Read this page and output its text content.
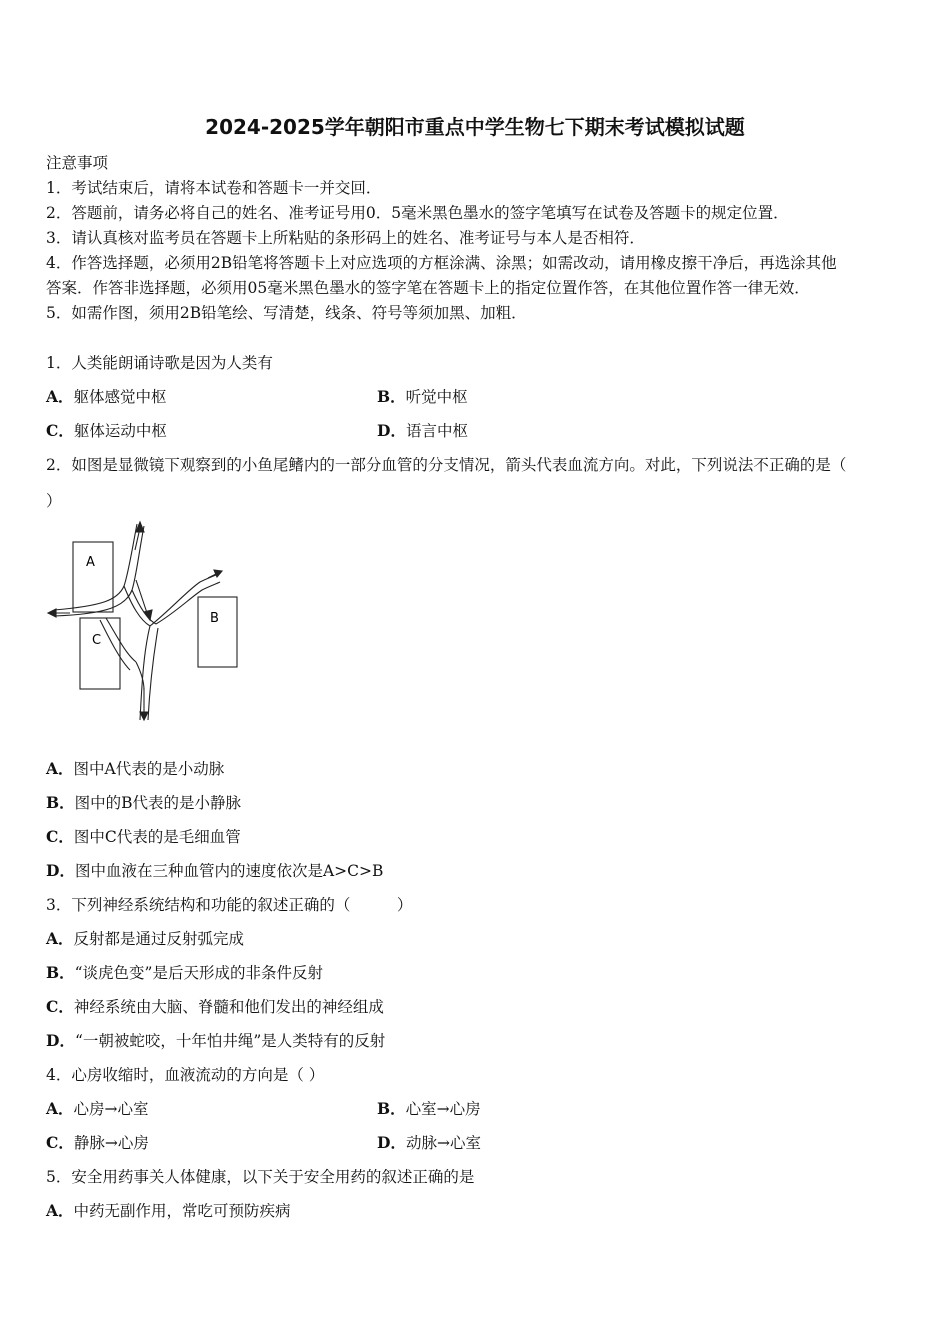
2024-2025学年朝阳市重点中学生物七下期末考试模拟试题
注意事项
1．考试结束后，请将本试卷和答题卡一并交回．
2．答题前，请务必将自己的姓名、准考证号用0．5毫米黑色墨水的签字笔填写在试卷及答题卡的规定位置．
3．请认真核对监考员在答题卡上所粘贴的条形码上的姓名、准考证号与本人是否相符．
4．作答选择题，必须用2B铅笔将答题卡上对应选项的方框涂满、涂黑；如需改动，请用橡皮擦干净后，再选涂其他
答案．作答非选择题，必须用05毫米黑色墨水的签字笔在答题卡上的指定位置作答，在其他位置作答一律无效．
5．如需作图，须用2B铅笔绘、写清楚，线条、符号等须加黑、加粗．
1．人类能朗诵诗歌是因为人类有
A．躯体感觉中枢	B．听觉中枢
C．躯体运动中枢	D．语言中枢
2．如图是显微镜下观察到的小鱼尾鳍内的一部分血管的分支情况，箭头代表血流方向。对此，下列说法不正确的是（
）
A
B
C
A．图中A代表的是小动脉
B．图中的B代表的是小静脉
C．图中C代表的是毛细血管
D．图中血液在三种血管内的速度依次是A>C>B
3．下列神经系统结构和功能的叙述正确的（　　　）
A．反射都是通过反射弧完成
B．“谈虎色变”是后天形成的非条件反射
C．神经系统由大脑、脊髓和他们发出的神经组成
D．“一朝被蛇咬，十年怕井绳”是人类特有的反射
4．心房收缩时，血液流动的方向是（ ）
A．心房→心室	B．心室→心房
C．静脉→心房	D．动脉→心室
5．安全用药事关人体健康，以下关于安全用药的叙述正确的是
A．中药无副作用，常吃可预防疾病
